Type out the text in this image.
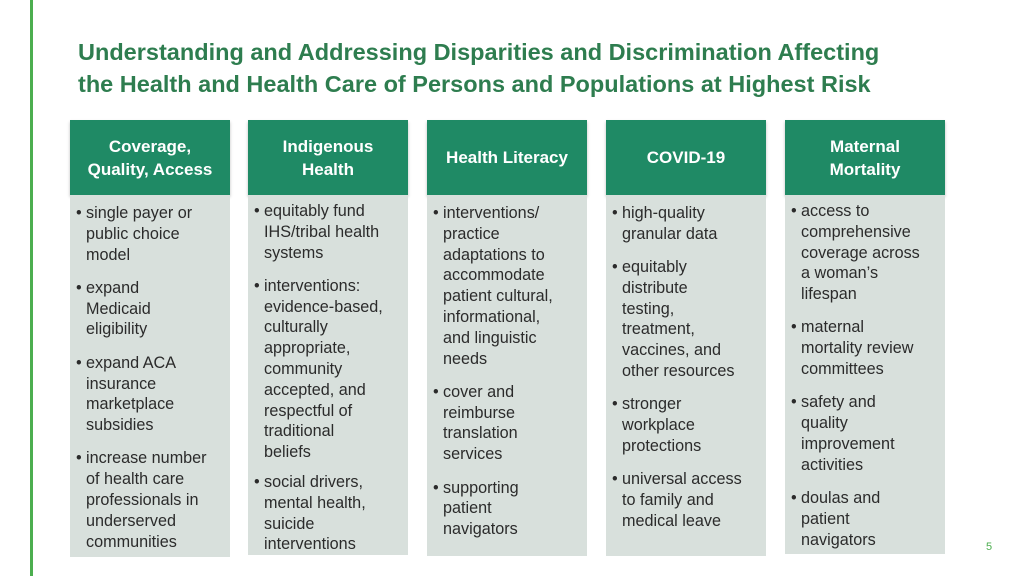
Understanding and Addressing Disparities and Discrimination Affecting
the Health and Health Care of Persons and Populations at Highest Risk
Coverage,
Quality, Access
• single payer or
public choice
model
• expand
Medicaid
eligibility
• expand ACA
insurance
marketplace
subsidies
• increase number
of health care
professionals in
underserved
communities
Indigenous
Health
• equitably fund
IHS/tribal health
systems
• interventions:
evidence-based,
culturally
appropriate,
community
accepted, and
respectful of
traditional
beliefs
• social drivers,
mental health,
suicide
interventions
Health Literacy
• interventions/
practice
adaptations to
accommodate
patient cultural,
informational,
and linguistic
needs
• cover and
reimburse
translation
services
• supporting
patient
navigators
COVID-19
• high-quality
granular data
• equitably
distribute
testing,
treatment,
vaccines, and
other resources
• stronger
workplace
protections
• universal access
to family and
medical leave
Maternal
Mortality
• access to
comprehensive
coverage across
a woman’s
lifespan
• maternal
mortality review
committees
• safety and
quality
improvement
activities
• doulas and
patient
navigators	5
